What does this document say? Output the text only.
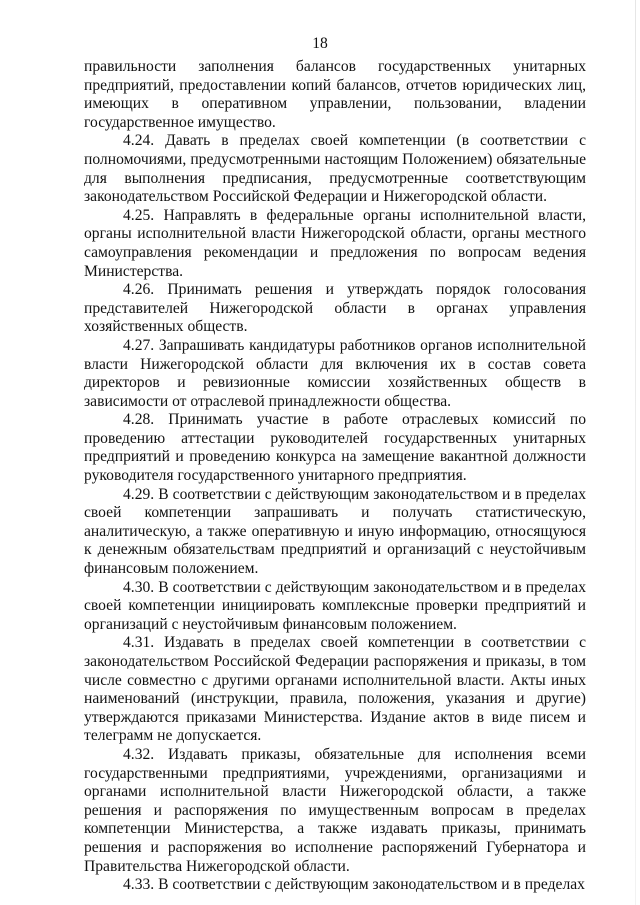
18

правильности заполнения балансов государственных унитарных предприятий, предоставлении копий балансов, отчетов юридических лиц, имеющих в оперативном управлении, пользовании, владении государственное имущество.

4.24. Давать в пределах своей компетенции (в соответствии с полномочиями, предусмотренными настоящим Положением) обязательные для выполнения предписания, предусмотренные соответствующим законодательством Российской Федерации и Нижегородской области.

4.25. Направлять в федеральные органы исполнительной власти, органы исполнительной власти Нижегородской области, органы местного самоуправления рекомендации и предложения по вопросам ведения Министерства.

4.26. Принимать решения и утверждать порядок голосования представителей Нижегородской области в органах управления хозяйственных обществ.

4.27. Запрашивать кандидатуры работников органов исполнительной власти Нижегородской области для включения их в состав совета директоров и ревизионные комиссии хозяйственных обществ в зависимости от отраслевой принадлежности общества.

4.28. Принимать участие в работе отраслевых комиссий по проведению аттестации руководителей государственных унитарных предприятий и проведению конкурса на замещение вакантной должности руководителя государственного унитарного предприятия.

4.29. В соответствии с действующим законодательством и в пределах своей компетенции запрашивать и получать статистическую, аналитическую, а также оперативную и иную информацию, относящуюся к денежным обязательствам предприятий и организаций с неустойчивым финансовым положением.

4.30. В соответствии с действующим законодательством и в пределах своей компетенции инициировать комплексные проверки предприятий и организаций с неустойчивым финансовым положением.

4.31. Издавать в пределах своей компетенции в соответствии с законодательством Российской Федерации распоряжения и приказы, в том числе совместно с другими органами исполнительной власти. Акты иных наименований (инструкции, правила, положения, указания и другие) утверждаются приказами Министерства. Издание актов в виде писем и телеграмм не допускается.

4.32. Издавать приказы, обязательные для исполнения всеми государственными предприятиями, учреждениями, организациями и органами исполнительной власти Нижегородской области, а также решения и распоряжения по имущественным вопросам в пределах компетенции Министерства, а также издавать приказы, принимать решения и распоряжения во исполнение распоряжений Губернатора и Правительства Нижегородской области.

4.33. В соответствии с действующим законодательством и в пределах
